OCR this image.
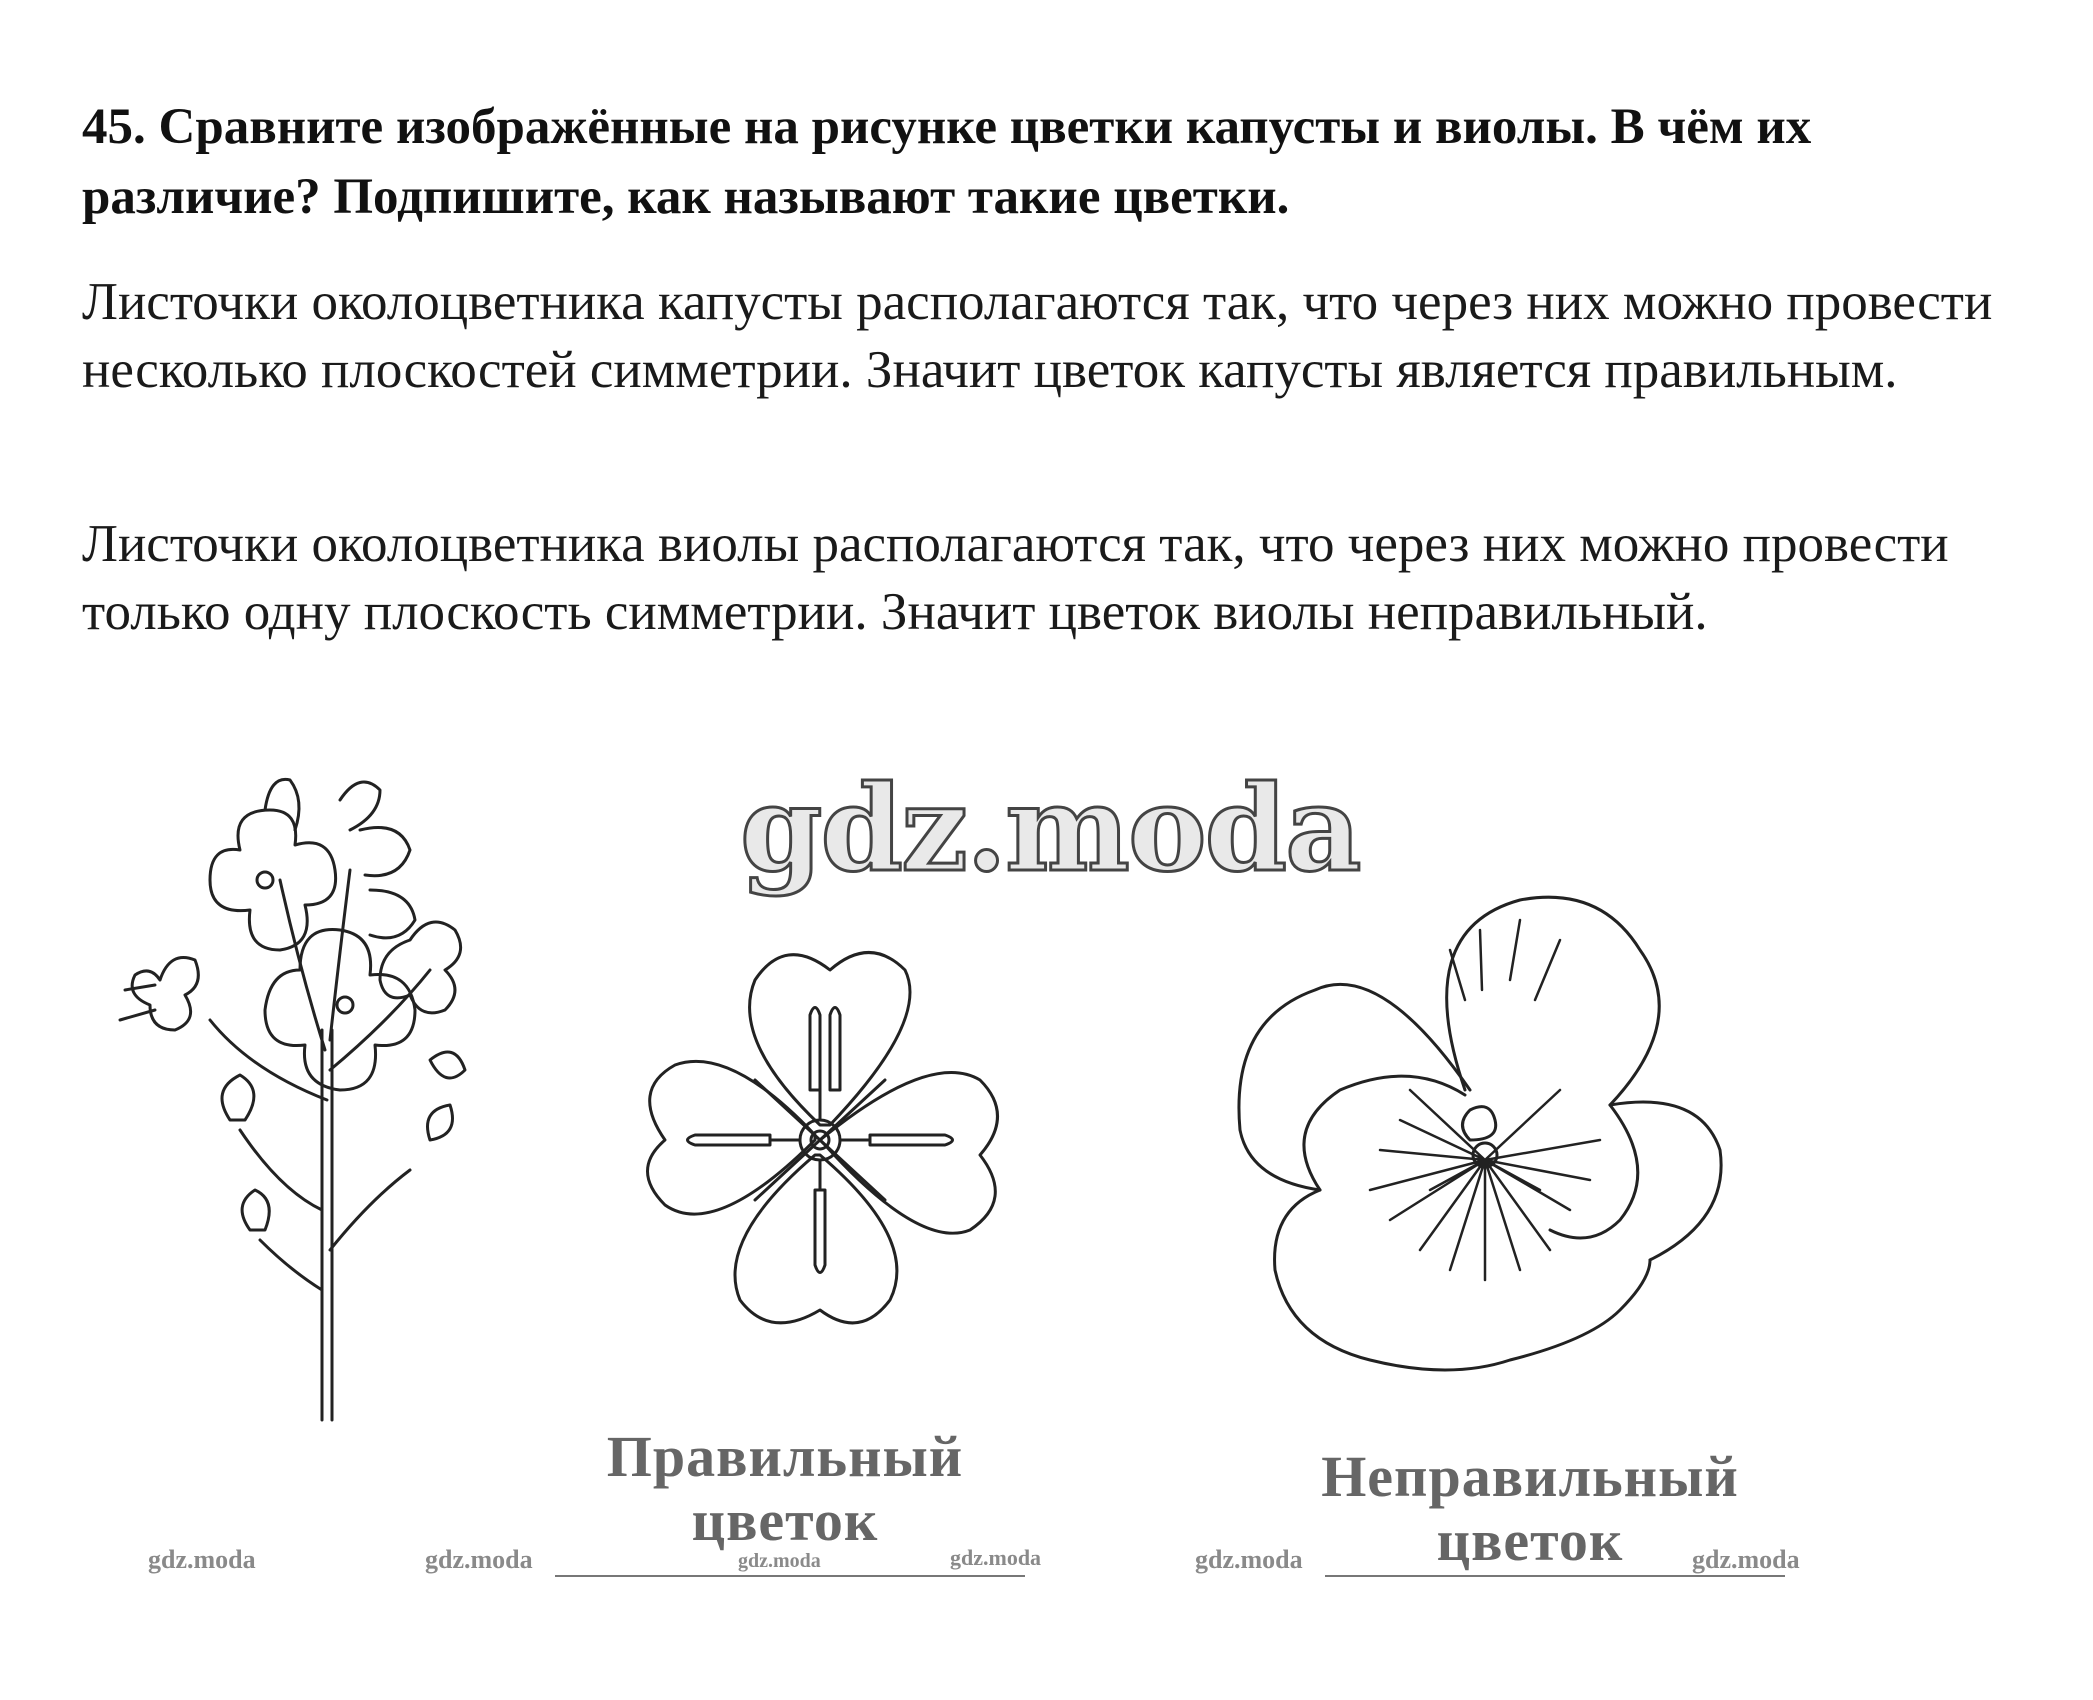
45. Сравните изображённые на рисунке цветки капусты и виолы. В чём их различие? Подпишите, как называют такие цветки.
Листочки околоцветника капусты располагаются так, что через них можно провести несколько плоскостей симметрии. Значит цветок капусты является правильным.
Листочки околоцветника виолы располагаются так, что через них можно провести только одну плоскость симметрии. Значит цветок виолы неправильный.
gdz.moda
Правильный цветок
Неправильный цветок
gdz.moda	gdz.moda	gdz.moda	gdz.moda	gdz.moda	gdz.moda
